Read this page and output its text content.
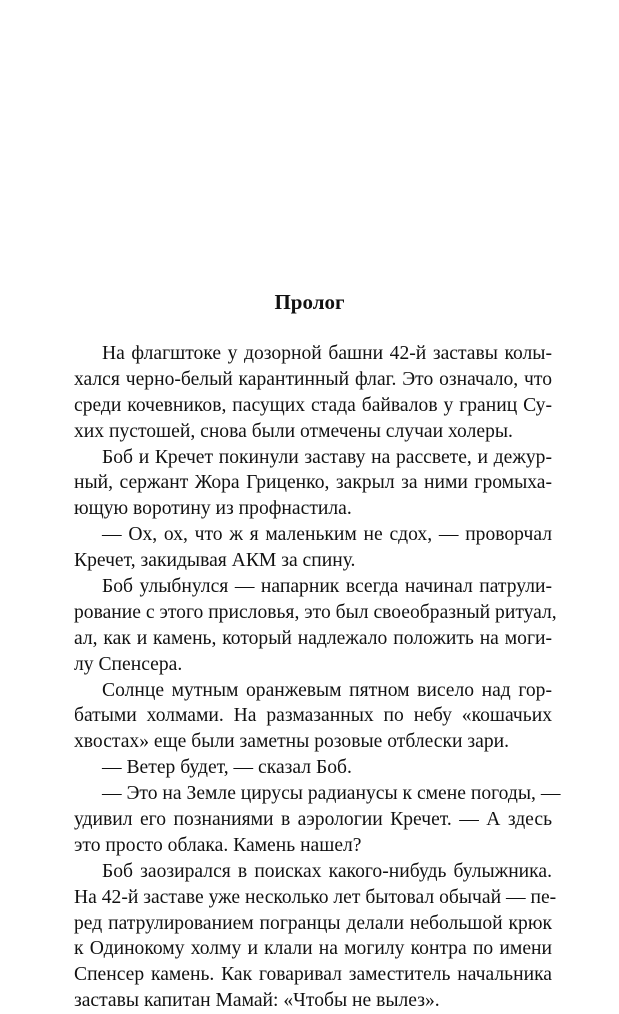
Пролог
На флагштоке у дозорной башни 42-й заставы колы-
хался черно-белый карантинный флаг. Это означало, что
среди кочевников, пасущих стада байвалов у границ Су-
хих пустошей, снова были отмечены случаи холеры.
Боб и Кречет покинули заставу на рассвете, и дежур-
ный, сержант Жора Гриценко, закрыл за ними громыха-
ющую воротину из профнастила.
— Ох, ох, что ж я маленьким не сдох, — проворчал
Кречет, закидывая АКМ за спину.
Боб улыбнулся — напарник всегда начинал патрули-
рование с этого присловья, это был своеобразный ритуал,
ал, как и камень, который надлежало положить на моги-
лу Спенсера.
Солнце мутным оранжевым пятном висело над гор-
батыми холмами. На размазанных по небу «кошачьих
хвостах» еще были заметны розовые отблески зари.
— Ветер будет, — сказал Боб.
— Это на Земле цирусы радианусы к смене погоды, —
удивил его познаниями в аэрологии Кречет. — А здесь
это просто облака. Камень нашел?
Боб заозирался в поисках какого-нибудь булыжника.
На 42-й заставе уже несколько лет бытовал обычай — пе-
ред патрулированием погранцы делали небольшой крюк
к Одинокому холму и клали на могилу контра по имени
Спенсер камень. Как говаривал заместитель начальника
заставы капитан Мамай: «Чтобы не вылез».
